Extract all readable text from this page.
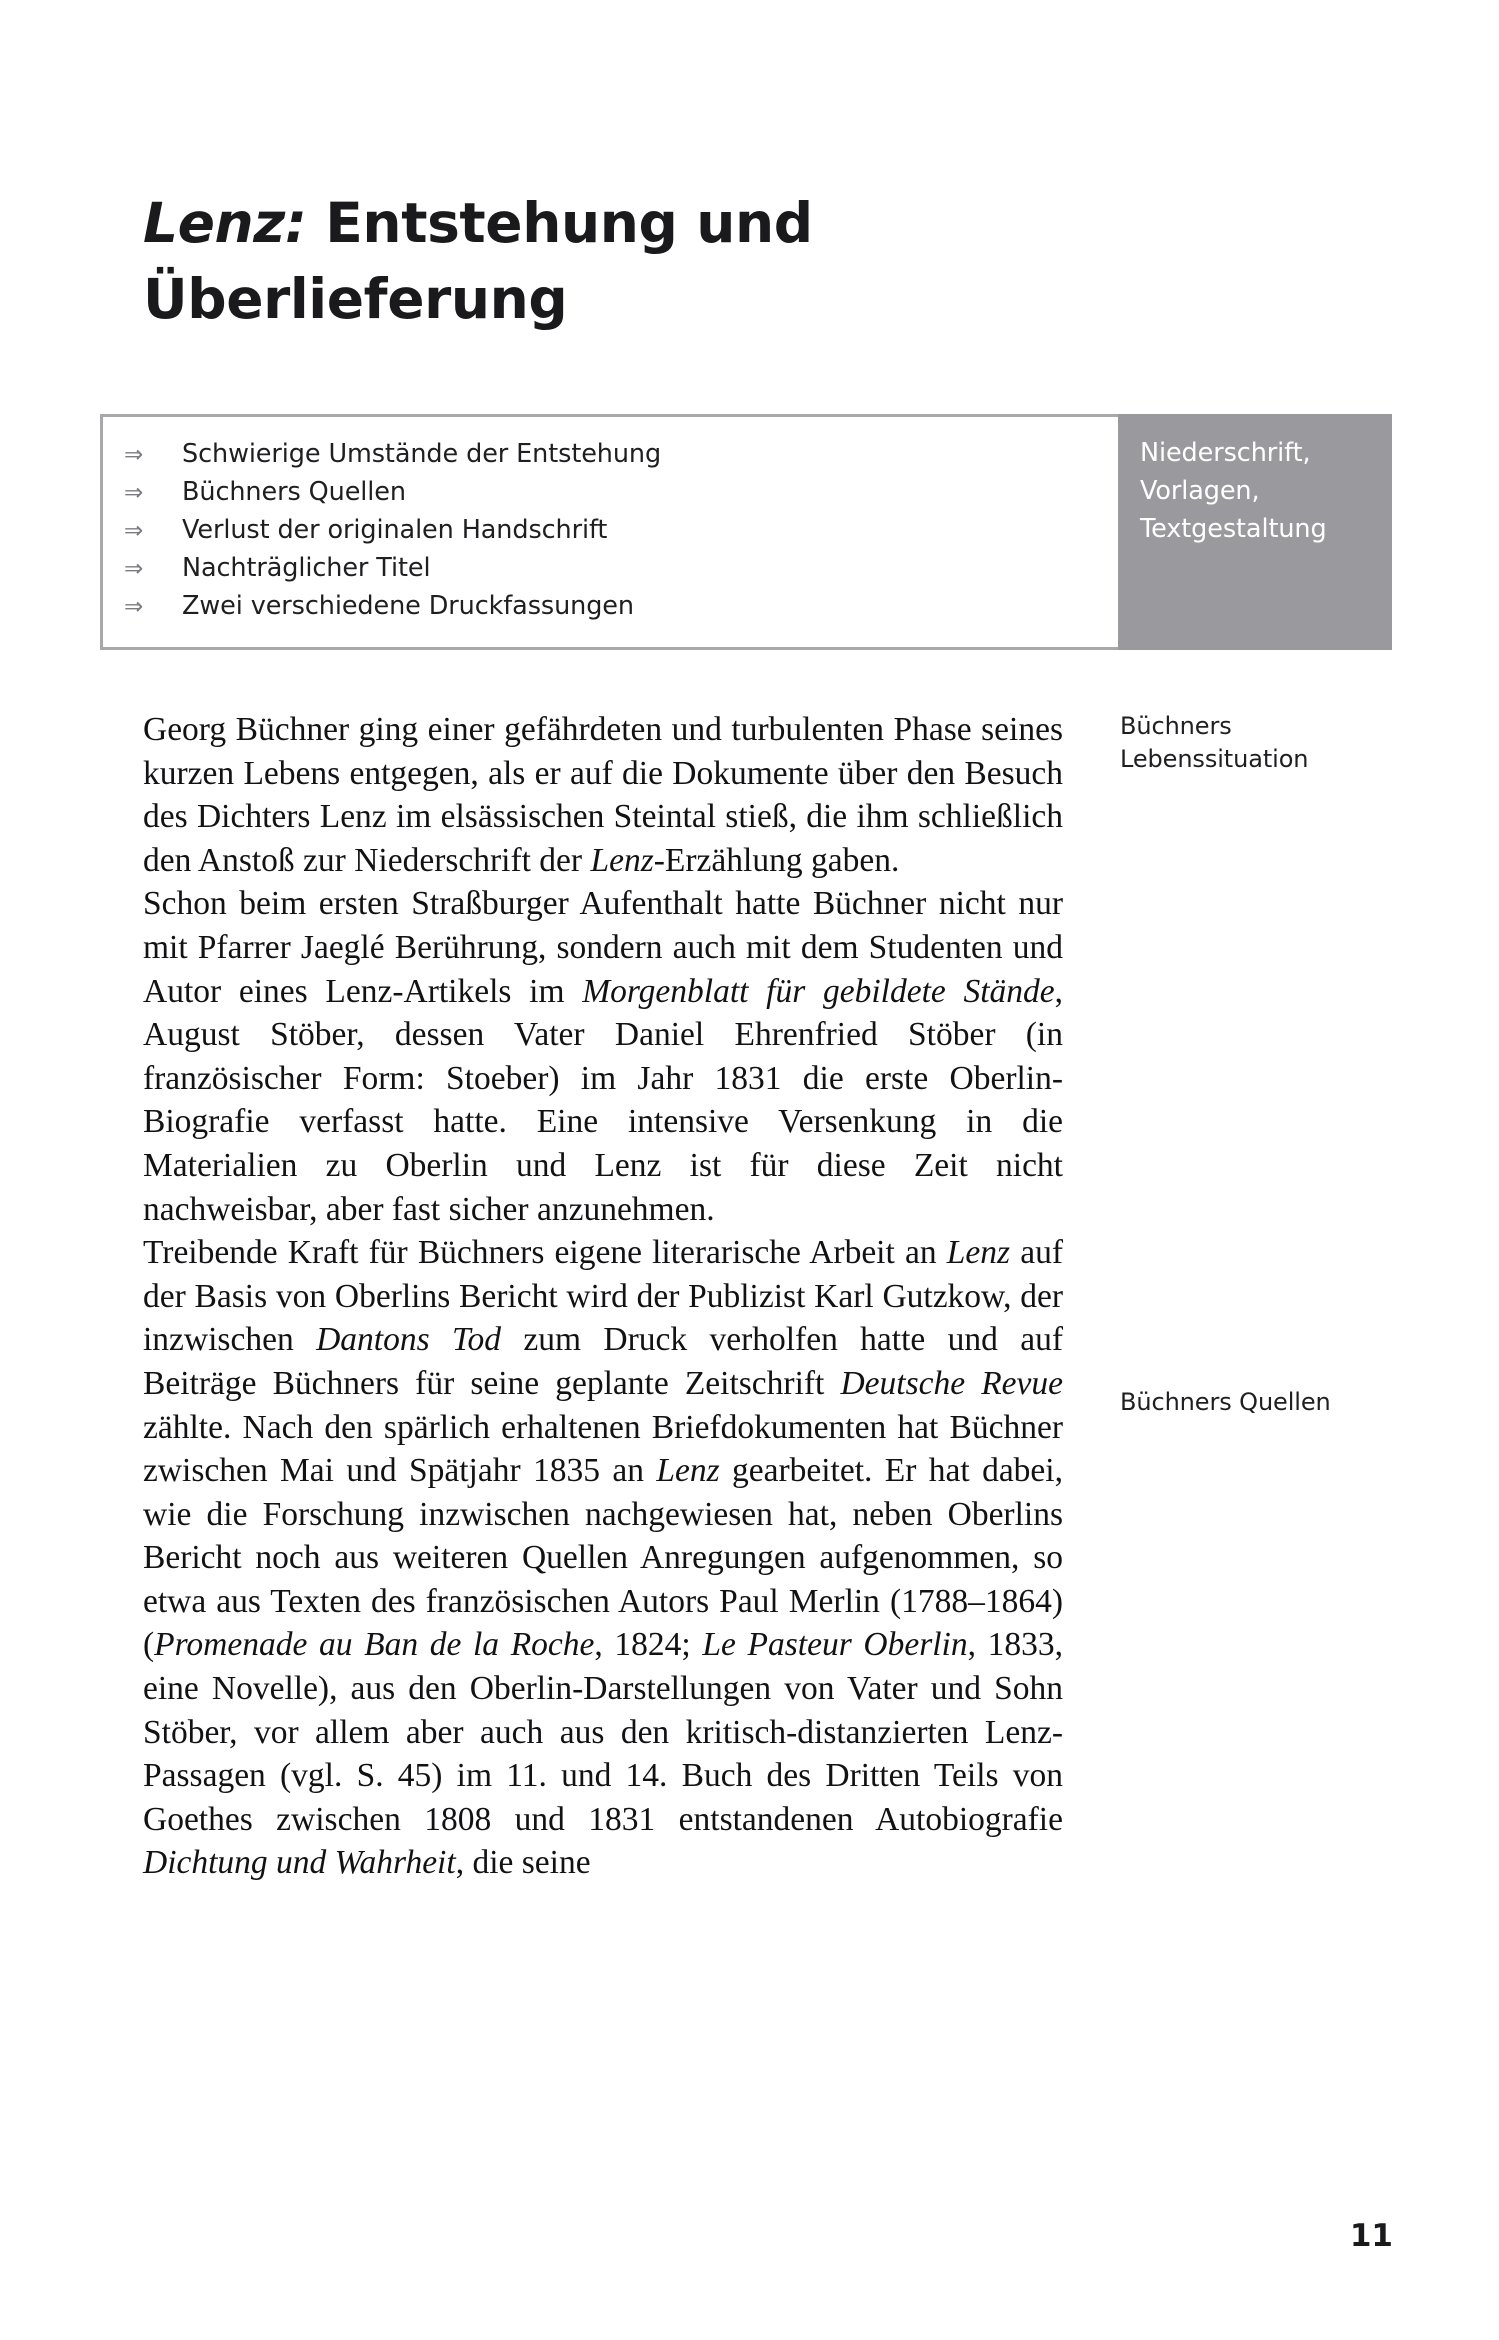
Lenz: Entstehung und
Überlieferung
⇒	Schwierige Umstände der Entstehung
⇒	Büchners Quellen
⇒	Verlust der originalen Handschrift
⇒	Nachträglicher Titel
⇒	Zwei verschiedene Druckfassungen
Niederschrift,
Vorlagen,
Textgestaltung

Georg Büchner ging einer gefährdeten und turbulenten Phase seines kurzen Lebens entgegen, als er auf die Dokumente über den Besuch des Dichters Lenz im elsässischen Steintal stieß, die ihm schließlich den Anstoß zur Niederschrift der Lenz-Erzählung gaben.

Schon beim ersten Straßburger Aufenthalt hatte Büchner nicht nur mit Pfarrer Jaeglé Berührung, sondern auch mit dem Studenten und Autor eines Lenz-Artikels im Morgenblatt für gebildete Stände, August Stöber, dessen Vater Daniel Ehrenfried Stöber (in französischer Form: Stoeber) im Jahr 1831 die erste Oberlin-Biografie verfasst hatte. Eine intensive Versenkung in die Materialien zu Oberlin und Lenz ist für diese Zeit nicht nachweisbar, aber fast sicher anzunehmen.

Treibende Kraft für Büchners eigene literarische Arbeit an Lenz auf der Basis von Oberlins Bericht wird der Publizist Karl Gutzkow, der inzwischen Dantons Tod zum Druck verholfen hatte und auf Beiträge Büchners für seine geplante Zeitschrift Deutsche Revue zählte. Nach den spärlich erhaltenen Briefdokumenten hat Büchner zwischen Mai und Spätjahr 1835 an Lenz gearbeitet. Er hat dabei, wie die Forschung inzwischen nachgewiesen hat, neben Oberlins Bericht noch aus weiteren Quellen Anregungen aufgenommen, so etwa aus Texten des französischen Autors Paul Merlin (1788–1864) (Promenade au Ban de la Roche, 1824; Le Pasteur Oberlin, 1833, eine Novelle), aus den Oberlin-Darstellungen von Vater und Sohn Stöber, vor allem aber auch aus den kritisch-distanzierten Lenz-Passagen (vgl. S. 45) im 11. und 14. Buch des Dritten Teils von Goethes zwischen 1808 und 1831 entstandenen Autobiografie Dichtung und Wahrheit, die seine

Büchners
Lebenssituation
Büchners Quellen
11
